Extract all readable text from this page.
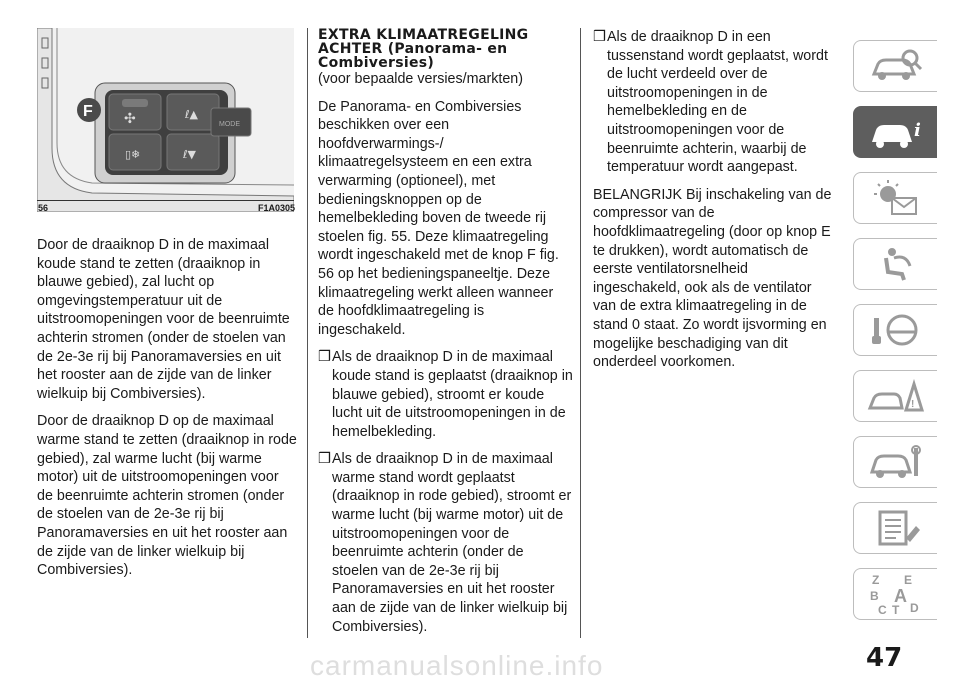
✣	ℓ▲
▯❄	ℓ▼
MODE
F
56	F1A0305

Door de draaiknop D in de maximaal koude stand te zetten (draaiknop in blauwe gebied), zal lucht op omgevingstemperatuur uit de uitstroomopeningen voor de beenruimte achterin stromen (onder de stoelen van de 2e-3e rij bij Panoramaversies en uit het rooster aan de zijde van de linker wielkuip bij Combiversies).

Door de draaiknop D op de maximaal warme stand te zetten (draaiknop in rode gebied), zal warme lucht (bij warme motor) uit de uitstroomopeningen voor de beenruimte achterin stromen (onder de stoelen van de 2e-3e rij bij Panoramaversies en uit het rooster aan de zijde van de linker wielkuip bij Combiversies).

EXTRA KLIMAATREGELING ACHTER (Panorama- en Combiversies)

(voor bepaalde versies/markten)

De Panorama- en Combiversies beschikken over een hoofdverwarmings-/ klimaatregelsysteem en een extra verwarming (optioneel), met bedieningsknoppen op de hemelbekleding boven de tweede rij stoelen fig. 55. Deze klimaatregeling wordt ingeschakeld met de knop F fig. 56 op het bedieningspaneeltje. Deze klimaatregeling werkt alleen wanneer de hoofdklimaatregeling is ingeschakeld.

❒ Als de draaiknop D in de maximaal koude stand is geplaatst (draaiknop in blauwe gebied), stroomt er koude lucht uit de uitstroomopeningen in de hemelbekleding.
❒ Als de draaiknop D in de maximaal warme stand wordt geplaatst (draaiknop in rode gebied), stroomt er warme lucht (bij warme motor) uit de uitstroomopeningen voor de beenruimte achterin (onder de stoelen van de 2e-3e rij bij Panoramaversies en uit het rooster aan de zijde van de linker wielkuip bij Combiversies).
❒ Als de draaiknop D in een tussenstand wordt geplaatst, wordt de lucht verdeeld over de uitstroomopeningen in de hemelbekleding en de uitstroomopeningen voor de beenruimte achterin, waarbij de temperatuur wordt aangepast.

BELANGRIJK Bij inschakeling van de compressor van de hoofdklimaatregeling (door op knop E te drukken), wordt automatisch de eerste ventilatorsnelheid ingeschakeld, ook als de ventilator van de extra klimaatregeling in de stand 0 staat. Zo wordt ijsvorming en mogelijke beschadiging van dit onderdeel voorkomen.

i
!
Z E
B A
C T D
47
carmanualsonline.info
